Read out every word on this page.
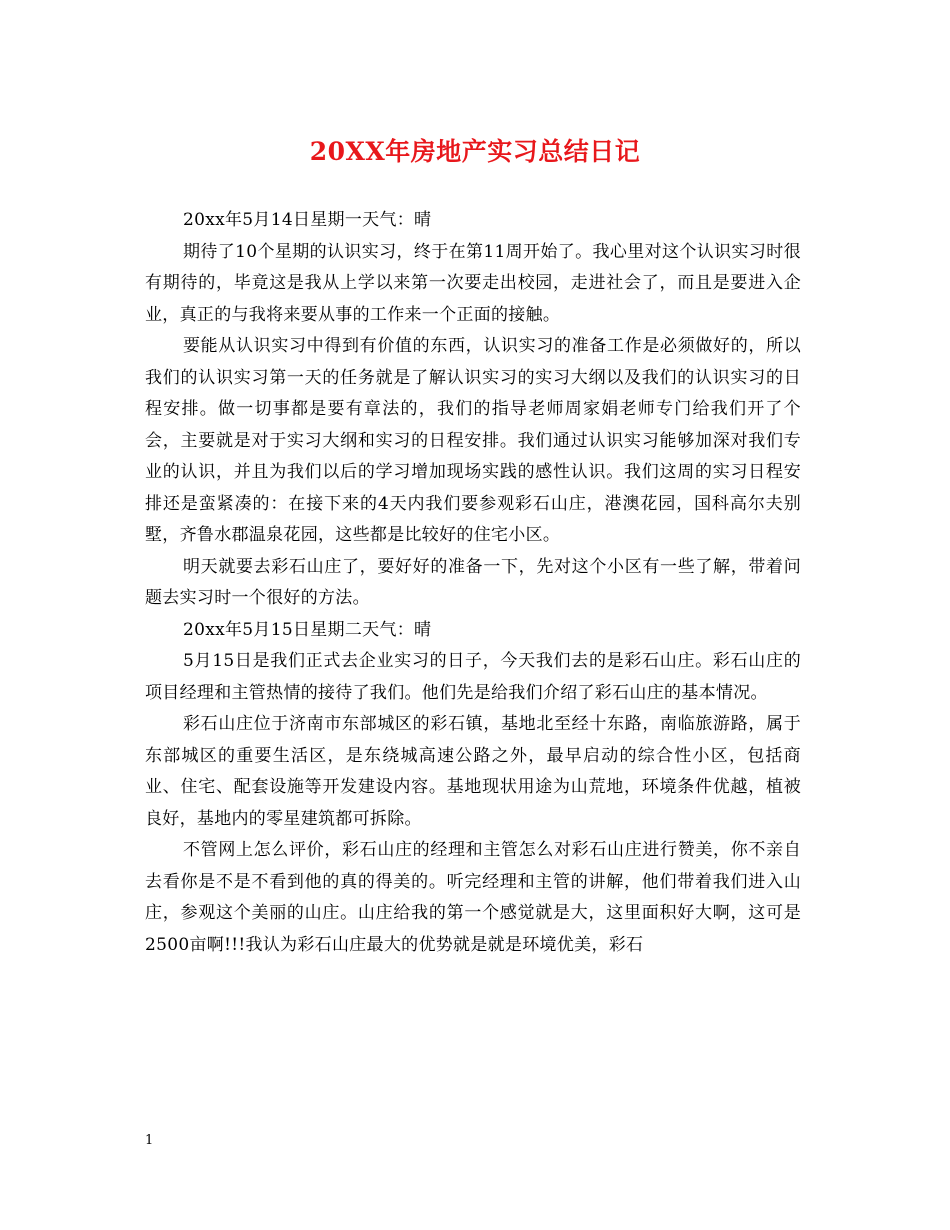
20XX年房地产实习总结日记

20xx年5月14日星期一天气：晴

期待了10个星期的认识实习，终于在第11周开始了。我心里对这个认识实习时很有期待的，毕竟这是我从上学以来第一次要走出校园，走进社会了，而且是要进入企业，真正的与我将来要从事的工作来一个正面的接触。

要能从认识实习中得到有价值的东西，认识实习的准备工作是必须做好的，所以我们的认识实习第一天的任务就是了解认识实习的实习大纲以及我们的认识实习的日程安排。做一切事都是要有章法的，我们的指导老师周家娟老师专门给我们开了个会，主要就是对于实习大纲和实习的日程安排。我们通过认识实习能够加深对我们专业的认识，并且为我们以后的学习增加现场实践的感性认识。我们这周的实习日程安排还是蛮紧凑的：在接下来的4天内我们要参观彩石山庄，港澳花园，国科高尔夫别墅，齐鲁水郡温泉花园，这些都是比较好的住宅小区。

明天就要去彩石山庄了，要好好的准备一下，先对这个小区有一些了解，带着问题去实习时一个很好的方法。

20xx年5月15日星期二天气：晴

5月15日是我们正式去企业实习的日子，今天我们去的是彩石山庄。彩石山庄的项目经理和主管热情的接待了我们。他们先是给我们介绍了彩石山庄的基本情况。

彩石山庄位于济南市东部城区的彩石镇，基地北至经十东路，南临旅游路，属于东部城区的重要生活区，是东绕城高速公路之外，最早启动的综合性小区，包括商业、住宅、配套设施等开发建设内容。基地现状用途为山荒地，环境条件优越，植被良好，基地内的零星建筑都可拆除。

不管网上怎么评价，彩石山庄的经理和主管怎么对彩石山庄进行赞美，你不亲自去看你是不是不看到他的真的得美的。听完经理和主管的讲解，他们带着我们进入山庄，参观这个美丽的山庄。山庄给我的第一个感觉就是大，这里面积好大啊，这可是2500亩啊!!!我认为彩石山庄最大的优势就是就是环境优美，彩石

1
